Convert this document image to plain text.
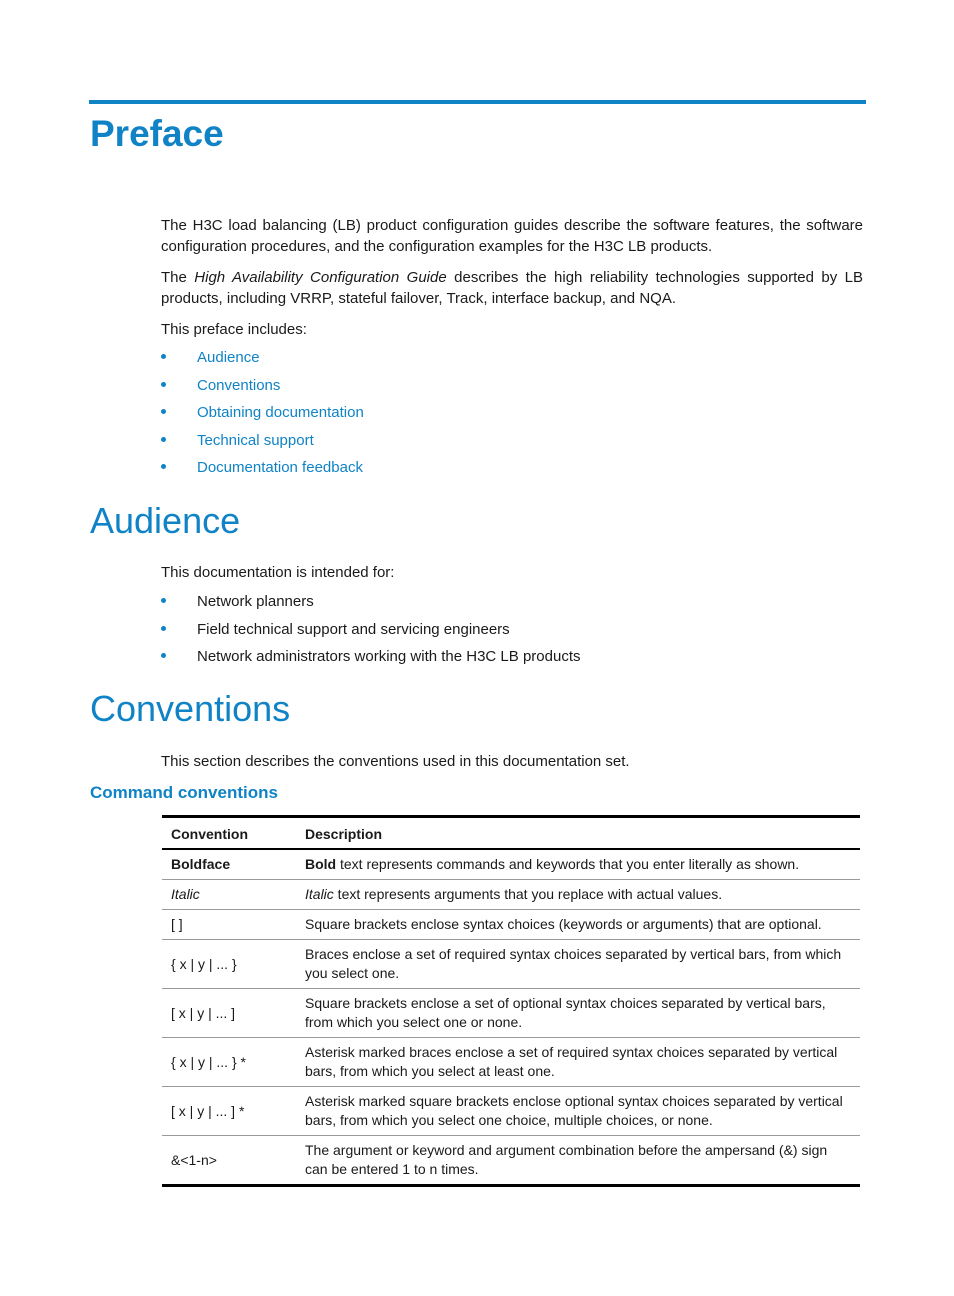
Preface

The H3C load balancing (LB) product configuration guides describe the software features, the software configuration procedures, and the configuration examples for the H3C LB products.

The High Availability Configuration Guide describes the high reliability technologies supported by LB products, including VRRP, stateful failover, Track, interface backup, and NQA.

This preface includes:

Audience
Conventions
Obtaining documentation
Technical support
Documentation feedback
Audience

This documentation is intended for:

Network planners
Field technical support and servicing engineers
Network administrators working with the H3C LB products
Conventions

This section describes the conventions used in this documentation set.

Command conventions
Convention	Description
Boldface	Bold text represents commands and keywords that you enter literally as shown.
Italic	Italic text represents arguments that you replace with actual values.
[ ]	Square brackets enclose syntax choices (keywords or arguments) that are optional.
{ x | y | ... }	Braces enclose a set of required syntax choices separated by vertical bars, from which you select one.
[ x | y | ... ]	Square brackets enclose a set of optional syntax choices separated by vertical bars, from which you select one or none.
{ x | y | ... } *	Asterisk marked braces enclose a set of required syntax choices separated by vertical bars, from which you select at least one.
[ x | y | ... ] *	Asterisk marked square brackets enclose optional syntax choices separated by vertical bars, from which you select one choice, multiple choices, or none.
&<1-n>	The argument or keyword and argument combination before the ampersand (&) sign can be entered 1 to n times.
